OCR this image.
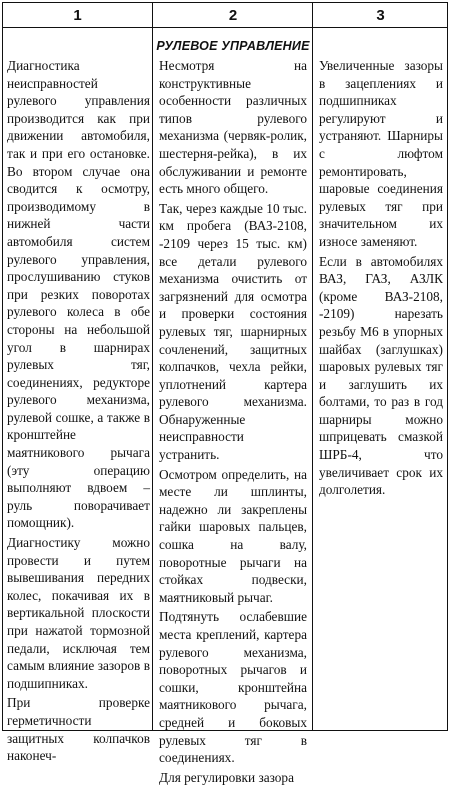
1	2	3
РУЛЕВОЕ УПРАВЛЕНИЕ

Диагностика неисправностей рулевого управления производится как при движении автомобиля, так и при его остановке. Во втором случае она сводится к осмотру, производимому в нижней части автомобиля систем рулевого управления, прослушиванию стуков при резких поворотах рулевого колеса в обе стороны на небольшой угол в шарнирах рулевых тяг, соединениях, редукторе рулевого механизма, рулевой сошке, а также в кронштейне маятникового рычага (эту операцию выполняют вдвоем – руль поворачивает помощник).

Диагностику можно провести и путем вывешивания передних колес, покачивая их в вертикальной плоскости при нажатой тормозной педали, исключая тем самым влияние зазоров в подшипниках.

При проверке герметичности защитных колпачков наконеч-

Несмотря на конструктивные особенности различных типов рулевого механизма (червяк-ролик, шестерня-рейка), в их обслуживании и ремонте есть много общего.

Так, через каждые 10 тыс. км пробега (ВАЗ-2108, -2109 через 15 тыс. км) все детали рулевого механизма очистить от загрязнений для осмотра и проверки состояния рулевых тяг, шарнирных сочленений, защитных колпачков, чехла рейки, уплотнений картера рулевого механизма. Обнаруженные неисправности устранить.

Осмотром определить, на месте ли шплинты, надежно ли закреплены гайки шаровых пальцев, сошка на валу, поворотные рычаги на стойках подвески, маятниковый рычаг.

Подтянуть ослабевшие места креплений, картера рулевого механизма, поворотных рычагов и сошки, кронштейна маятникового рычага, средней и боковых рулевых тяг в соединениях.

Для регулировки зазора

Увеличенные зазоры в зацеплениях и подшипниках регулируют и устраняют. Шарниры с люфтом ремонтировать, шаровые соединения рулевых тяг при значительном их износе заменяют.

Если в автомобилях ВАЗ, ГАЗ, АЗЛК (кроме ВАЗ-2108, -2109) нарезать резьбу М6 в упорных шайбах (заглушках) шаровых рулевых тяг и заглушить их болтами, то раз в год шарниры можно шприцевать смазкой ШРБ-4, что увеличивает срок их долголетия.
